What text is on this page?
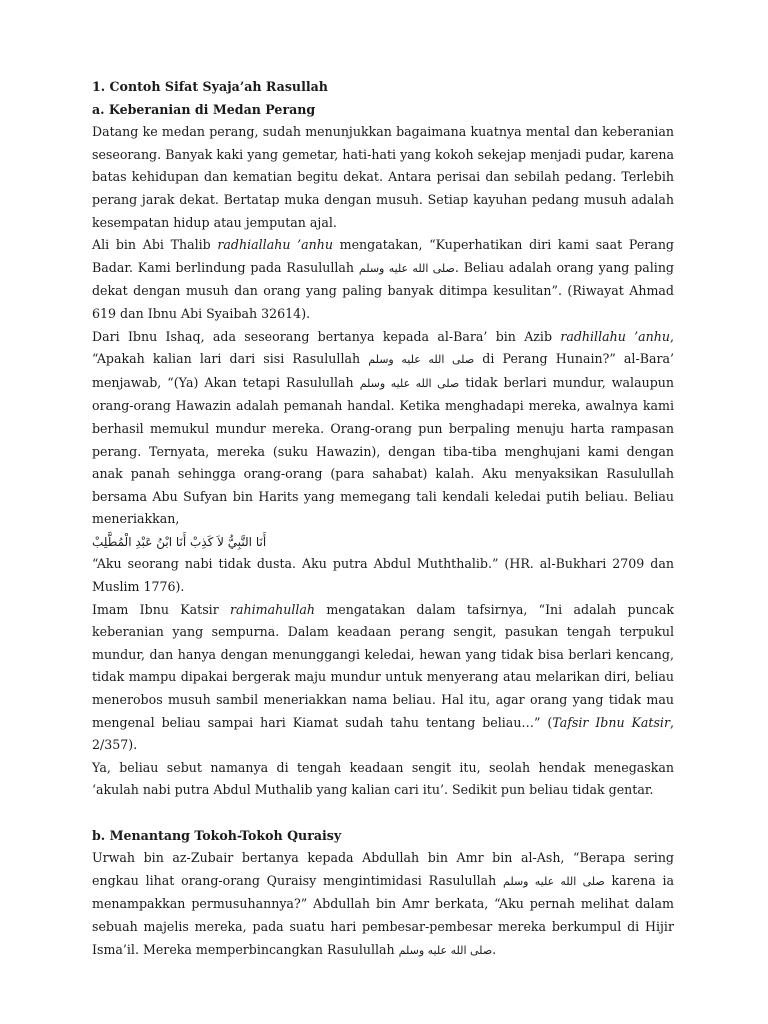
1. Contoh Sifat Syaja’ah Rasullah

a. Keberanian di Medan Perang

Datang ke medan perang, sudah menunjukkan bagaimana kuatnya mental dan keberanian seseorang. Banyak kaki yang gemetar, hati-hati yang kokoh sekejap menjadi pudar, karena batas kehidupan dan kematian begitu dekat. Antara perisai dan sebilah pedang. Terlebih perang jarak dekat. Bertatap muka dengan musuh. Setiap kayuhan pedang musuh adalah kesempatan hidup atau jemputan ajal.

Ali bin Abi Thalib radhiallahu ’anhu mengatakan, “Kuperhatikan diri kami saat Perang Badar. Kami berlindung pada Rasulullah صلى الله عليه وسلم. Beliau adalah orang yang paling dekat dengan musuh dan orang yang paling banyak ditimpa kesulitan”. (Riwayat Ahmad 619 dan Ibnu Abi Syaibah 32614).

Dari Ibnu Ishaq, ada seseorang bertanya kepada al-Bara’ bin Azib radhillahu ’anhu, “Apakah kalian lari dari sisi Rasulullah صلى الله عليه وسلم di Perang Hunain?” al-Bara’ menjawab, “(Ya) Akan tetapi Rasulullah صلى الله عليه وسلم tidak berlari mundur, walaupun orang-orang Hawazin adalah pemanah handal. Ketika menghadapi mereka, awalnya kami berhasil memukul mundur mereka. Orang-orang pun berpaling menuju harta rampasan perang. Ternyata, mereka (suku Hawazin), dengan tiba-tiba menghujani kami dengan anak panah sehingga orang-orang (para sahabat) kalah. Aku menyaksikan Rasulullah bersama Abu Sufyan bin Harits yang memegang tali kendali keledai putih beliau. Beliau meneriakkan,

أَنَا النَّبِيُّ لاَ كَذِبْ أَنَا ابْنُ عَبْدِ الْمُطَّلِبْ

“Aku seorang nabi tidak dusta. Aku putra Abdul Muththalib.” (HR. al-Bukhari 2709 dan Muslim 1776).

Imam Ibnu Katsir rahimahullah mengatakan dalam tafsirnya, “Ini adalah puncak keberanian yang sempurna. Dalam keadaan perang sengit, pasukan tengah terpukul mundur, dan hanya dengan menunggangi keledai, hewan yang tidak bisa berlari kencang, tidak mampu dipakai bergerak maju mundur untuk menyerang atau melarikan diri, beliau menerobos musuh sambil meneriakkan nama beliau. Hal itu, agar orang yang tidak mau mengenal beliau sampai hari Kiamat sudah tahu tentang beliau…” (Tafsir Ibnu Katsir, 2/357).

Ya, beliau sebut namanya di tengah keadaan sengit itu, seolah hendak menegaskan ‘akulah nabi putra Abdul Muthalib yang kalian cari itu’. Sedikit pun beliau tidak gentar.

b. Menantang Tokoh-Tokoh Quraisy

Urwah bin az-Zubair bertanya kepada Abdullah bin Amr bin al-Ash, “Berapa sering engkau lihat orang-orang Quraisy mengintimidasi Rasulullah صلى الله عليه وسلم karena ia menampakkan permusuhannya?” Abdullah bin Amr berkata, “Aku pernah melihat dalam sebuah majelis mereka, pada suatu hari pembesar-pembesar mereka berkumpul di Hijir Isma’il. Mereka memperbincangkan Rasulullah صلى الله عليه وسلم.
